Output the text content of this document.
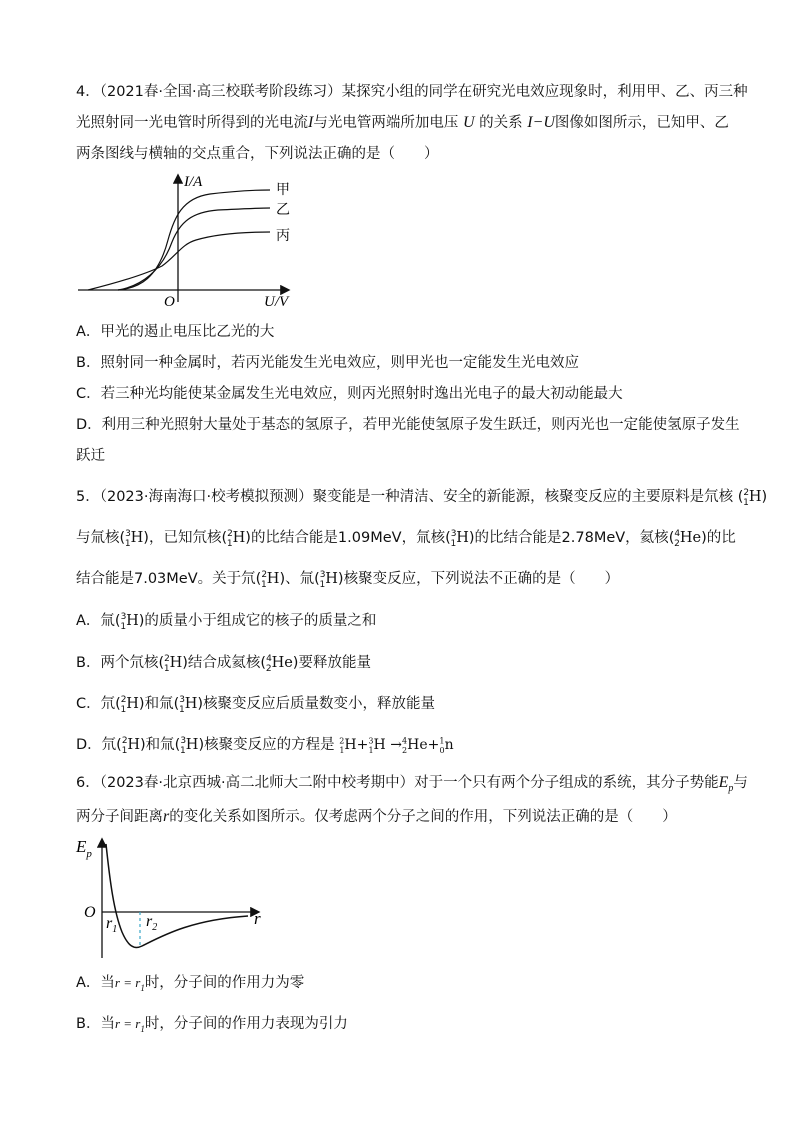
4．（2021春·全国·高三校联考阶段练习）某探究小组的同学在研究光电效应现象时，利用甲、乙、丙三种
光照射同一光电管时所得到的光电流I与光电管两端所加电压 U 的关系 I−U图像如图所示，已知甲、乙
两条图线与横轴的交点重合，下列说法正确的是（　　）
I/A
U/V
O
甲
乙
丙
A．甲光的遏止电压比乙光的大
B．照射同一种金属时，若丙光能发生光电效应，则甲光也一定能发生光电效应
C．若三种光均能使某金属发生光电效应，则丙光照射时逸出光电子的最大初动能最大
D．利用三种光照射大量处于基态的氢原子，若甲光能使氢原子发生跃迁，则丙光也一定能使氢原子发生
跃迁
5．（2023·海南海口·校考模拟预测）聚变能是一种清洁、安全的新能源，核聚变反应的主要原料是氘核 ($^2_1$H)
与氚核($^3_1$H)，已知氘核($^2_1$H)的比结合能是1.09MeV，氚核($^3_1$H)的比结合能是2.78MeV，氦核($^4_2$He)的比
结合能是7.03MeV。关于氘($^2_1$H)、氚($^3_1$H)核聚变反应，下列说法不正确的是（　　）
A．氚($^3_1$H)的质量小于组成它的核子的质量之和
B．两个氘核($^2_1$H)结合成氦核($^4_2$He)要释放能量
C．氘($^2_1$H)和氚($^3_1$H)核聚变反应后质量数变小，释放能量
D．氘($^2_1$H)和氚($^3_1$H)核聚变反应的方程是 $^2_1$H+$^3_1$H →$^4_2$He+$^1_0$n
6．（2023春·北京西城·高二北师大二附中校考期中）对于一个只有两个分子组成的系统，其分子势能$E_p$与
两分子间距离r的变化关系如图所示。仅考虑两个分子之间的作用，下列说法正确的是（　　）
$E_p$
O
$r_1$ $r_2$	r
A．当$r = r_1$时，分子间的作用力为零
B．当$r = r_1$时，分子间的作用力表现为引力
